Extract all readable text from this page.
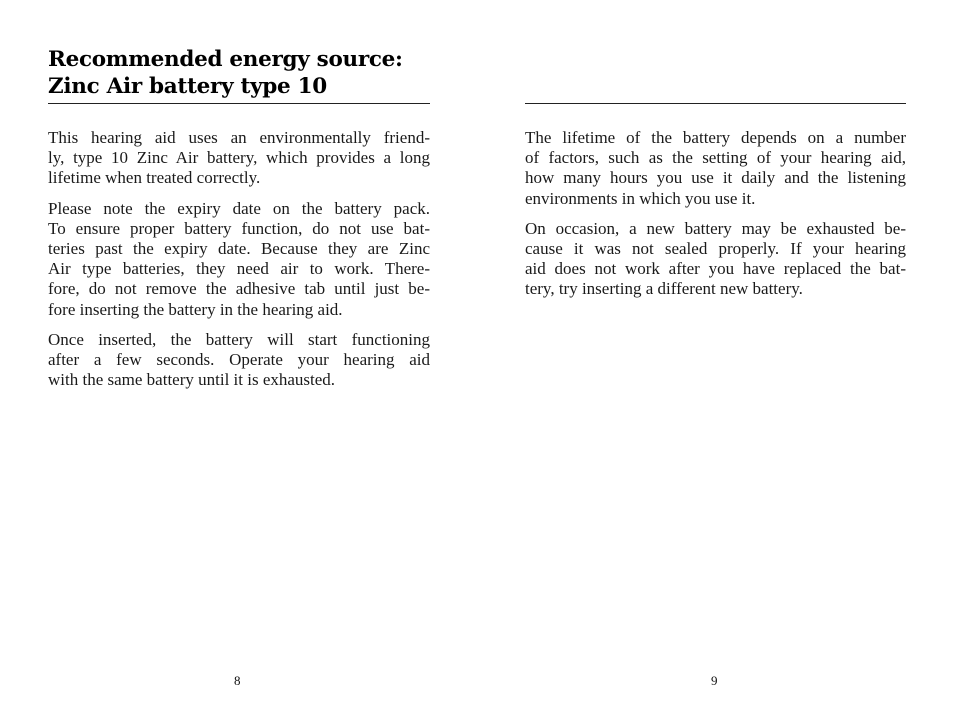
Recommended energy source:
Zinc Air battery type 10

This hearing aid uses an environmentally friend-
ly, type 10 Zinc Air battery, which provides a long
lifetime when treated correctly.

Please note the expiry date on the battery pack.
To ensure proper battery function, do not use bat-
teries past the expiry date. Because they are Zinc
Air type batteries, they need air to work. There-
fore, do not remove the adhesive tab until just be-
fore inserting the battery in the hearing aid.

Once inserted, the battery will start functioning
after a few seconds. Operate your hearing aid
with the same battery until it is exhausted.

8

The lifetime of the battery depends on a number
of factors, such as the setting of your hearing aid,
how many hours you use it daily and the listening
environments in which you use it.

On occasion, a new battery may be exhausted be-
cause it was not sealed properly. If your hearing
aid does not work after you have replaced the bat-
tery, try inserting a different new battery.

9
